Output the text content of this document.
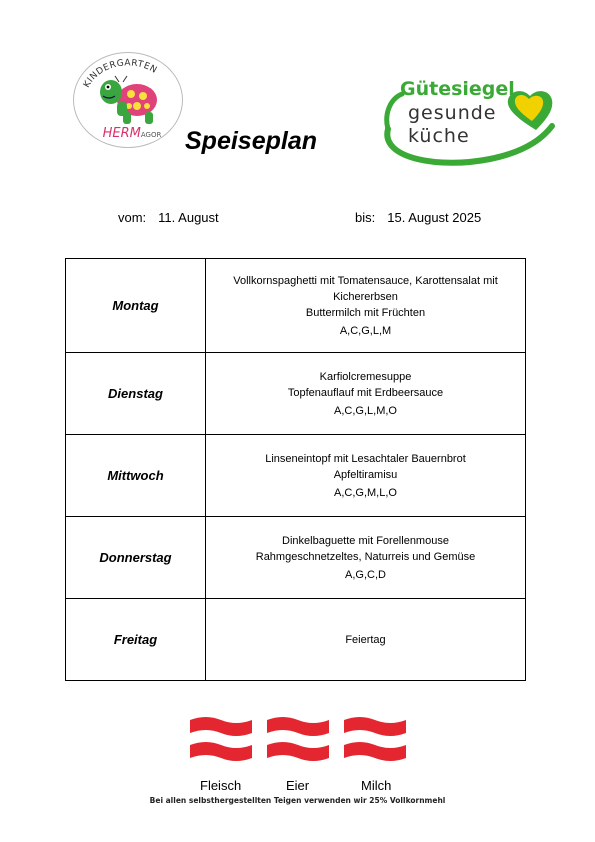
KINDERGARTEN
HERMAGOR Speiseplan
Gütesiegel
gesunde
küche
vom: 11. August	bis: 15. August 2025
Montag	Vollkornspaghetti mit Tomatensauce, Karottensalat mit
Kichererbsen
Buttermilch mit Früchten
A,C,G,L,M

Dienstag	Karfiolcremesuppe
Topfenauflauf mit Erdbeersauce
A,C,G,L,M,O

Mittwoch	Linseneintopf mit Lesachtaler Bauernbrot
Apfeltiramisu
A,C,G,M,L,O

Donnerstag	Dinkelbaguette mit Forellenmouse
Rahmgeschnetzeltes, Naturreis und Gemüse
A,G,C,D

Freitag	Feiertag
Fleisch	Eier	Milch
Bei allen selbsthergestellten Teigen verwenden wir 25% Vollkornmehl
